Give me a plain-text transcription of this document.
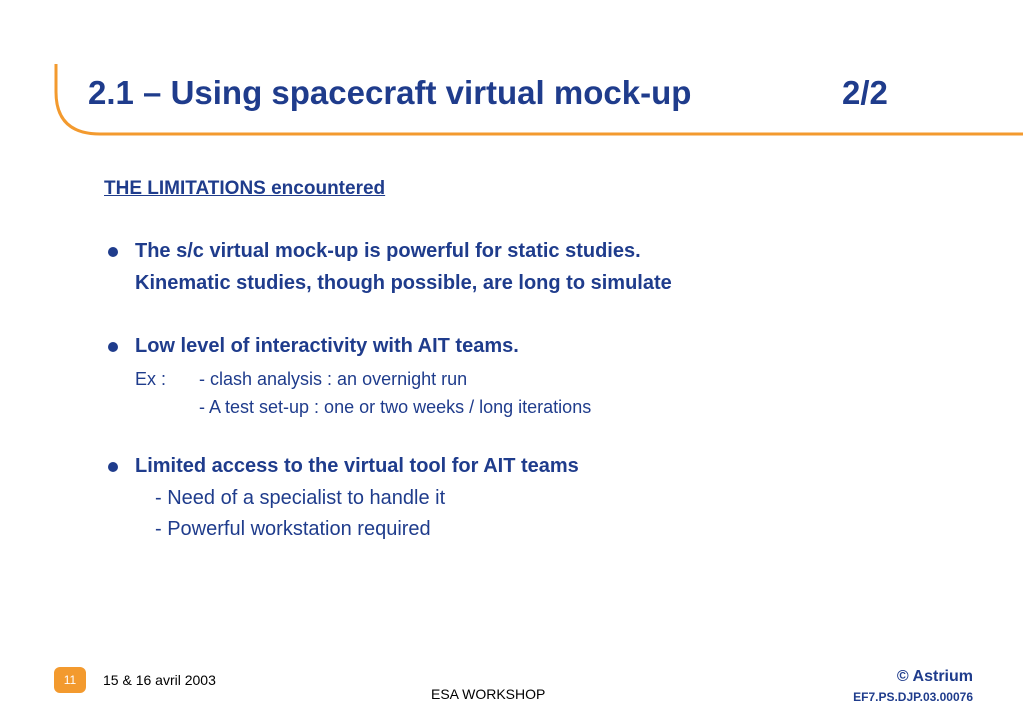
2.1 – Using spacecraft virtual mock-up	2/2
THE LIMITATIONS encountered
The s/c virtual mock-up is powerful for static studies.
Kinematic studies, though possible, are long to simulate
Low level of interactivity with AIT teams.
Ex : - clash analysis : an overnight run
- A test set-up : one or two weeks / long iterations
Limited access to the virtual tool for AIT teams
- Need of a specialist to handle it
- Powerful workstation required
11	15 & 16 avril 2003
ESA WORKSHOP
© Astrium
EF7.PS.DJP.03.00076
